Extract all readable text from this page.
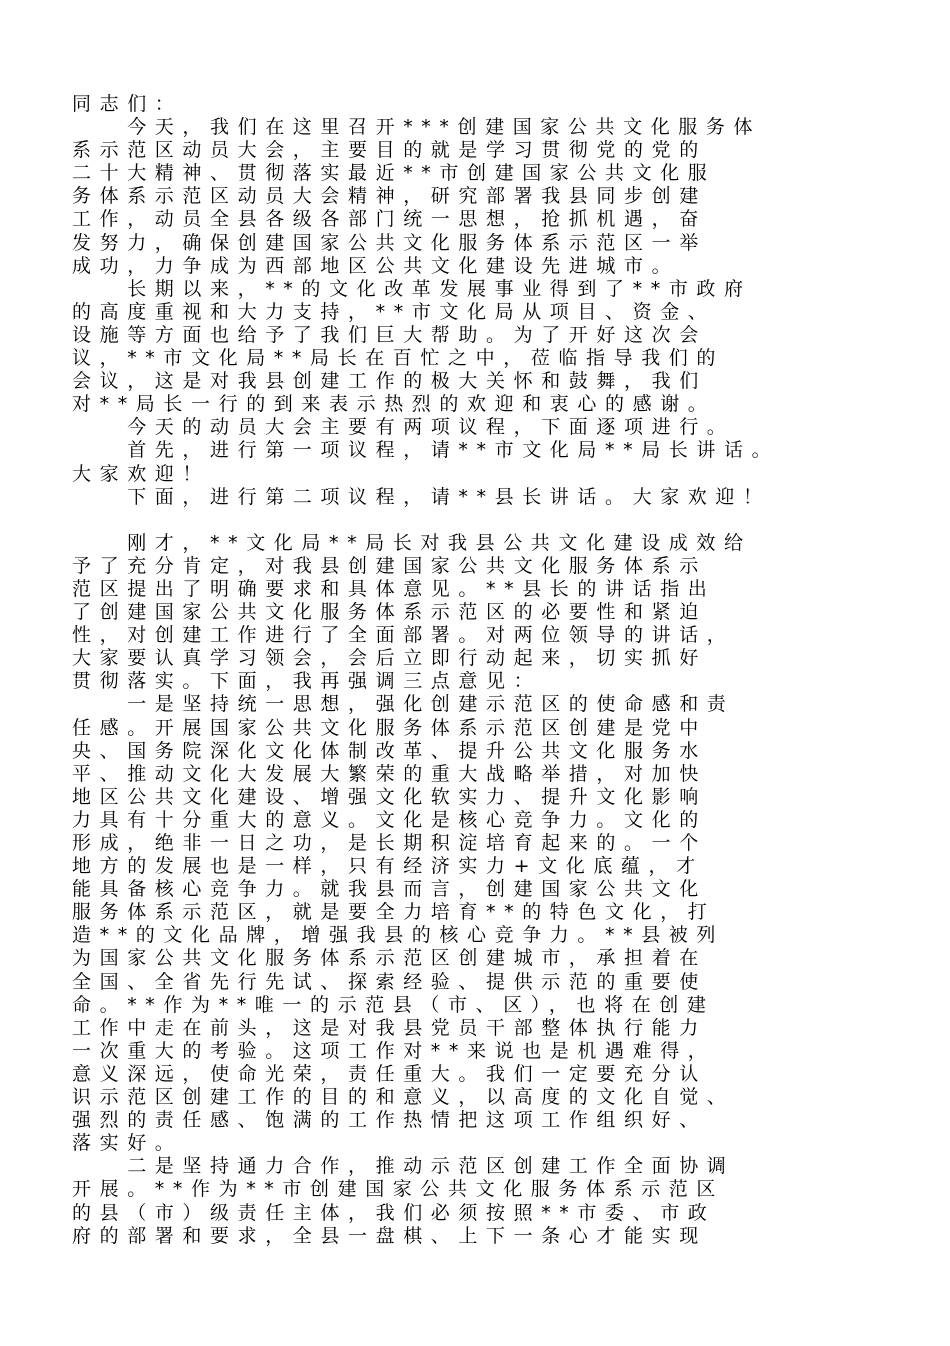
同志们：
　　今天，我们在这里召开***创建国家公共文化服务体
系示范区动员大会，主要目的就是学习贯彻党的党的
二十大精神、贯彻落实最近**市创建国家公共文化服
务体系示范区动员大会精神，研究部署我县同步创建
工作，动员全县各级各部门统一思想，抢抓机遇，奋
发努力，确保创建国家公共文化服务体系示范区一举
成功，力争成为西部地区公共文化建设先进城市。
　　长期以来，**的文化改革发展事业得到了**市政府
的高度重视和大力支持，**市文化局从项目、资金、
设施等方面也给予了我们巨大帮助。为了开好这次会
议，**市文化局**局长在百忙之中，莅临指导我们的
会议，这是对我县创建工作的极大关怀和鼓舞，我们
对**局长一行的到来表示热烈的欢迎和衷心的感谢。
　　今天的动员大会主要有两项议程，下面逐项进行。
　　首先，进行第一项议程，请**市文化局**局长讲话。
大家欢迎！
　　下面，进行第二项议程，请**县长讲话。大家欢迎！
　　刚才，**文化局**局长对我县公共文化建设成效给
予了充分肯定，对我县创建国家公共文化服务体系示
范区提出了明确要求和具体意见。**县长的讲话指出
了创建国家公共文化服务体系示范区的必要性和紧迫
性，对创建工作进行了全面部署。对两位领导的讲话，
大家要认真学习领会，会后立即行动起来，切实抓好
贯彻落实。下面，我再强调三点意见：
　　一是坚持统一思想，强化创建示范区的使命感和责
任感。开展国家公共文化服务体系示范区创建是党中
央、国务院深化文化体制改革、提升公共文化服务水
平、推动文化大发展大繁荣的重大战略举措，对加快
地区公共文化建设、增强文化软实力、提升文化影响
力具有十分重大的意义。文化是核心竞争力。文化的
形成，绝非一日之功，是长期积淀培育起来的。一个
地方的发展也是一样，只有经济实力+文化底蕴，才
能具备核心竞争力。就我县而言，创建国家公共文化
服务体系示范区，就是要全力培育**的特色文化，打
造**的文化品牌，增强我县的核心竞争力。**县被列
为国家公共文化服务体系示范区创建城市，承担着在
全国、全省先行先试、探索经验、提供示范的重要使
命。**作为**唯一的示范县（市、区），也将在创建
工作中走在前头，这是对我县党员干部整体执行能力
一次重大的考验。这项工作对**来说也是机遇难得，
意义深远，使命光荣，责任重大。我们一定要充分认
识示范区创建工作的目的和意义，以高度的文化自觉、
强烈的责任感、饱满的工作热情把这项工作组织好、
落实好。
　　二是坚持通力合作，推动示范区创建工作全面协调
开展。**作为**市创建国家公共文化服务体系示范区
的县（市）级责任主体，我们必须按照**市委、市政
府的部署和要求，全县一盘棋、上下一条心才能实现
